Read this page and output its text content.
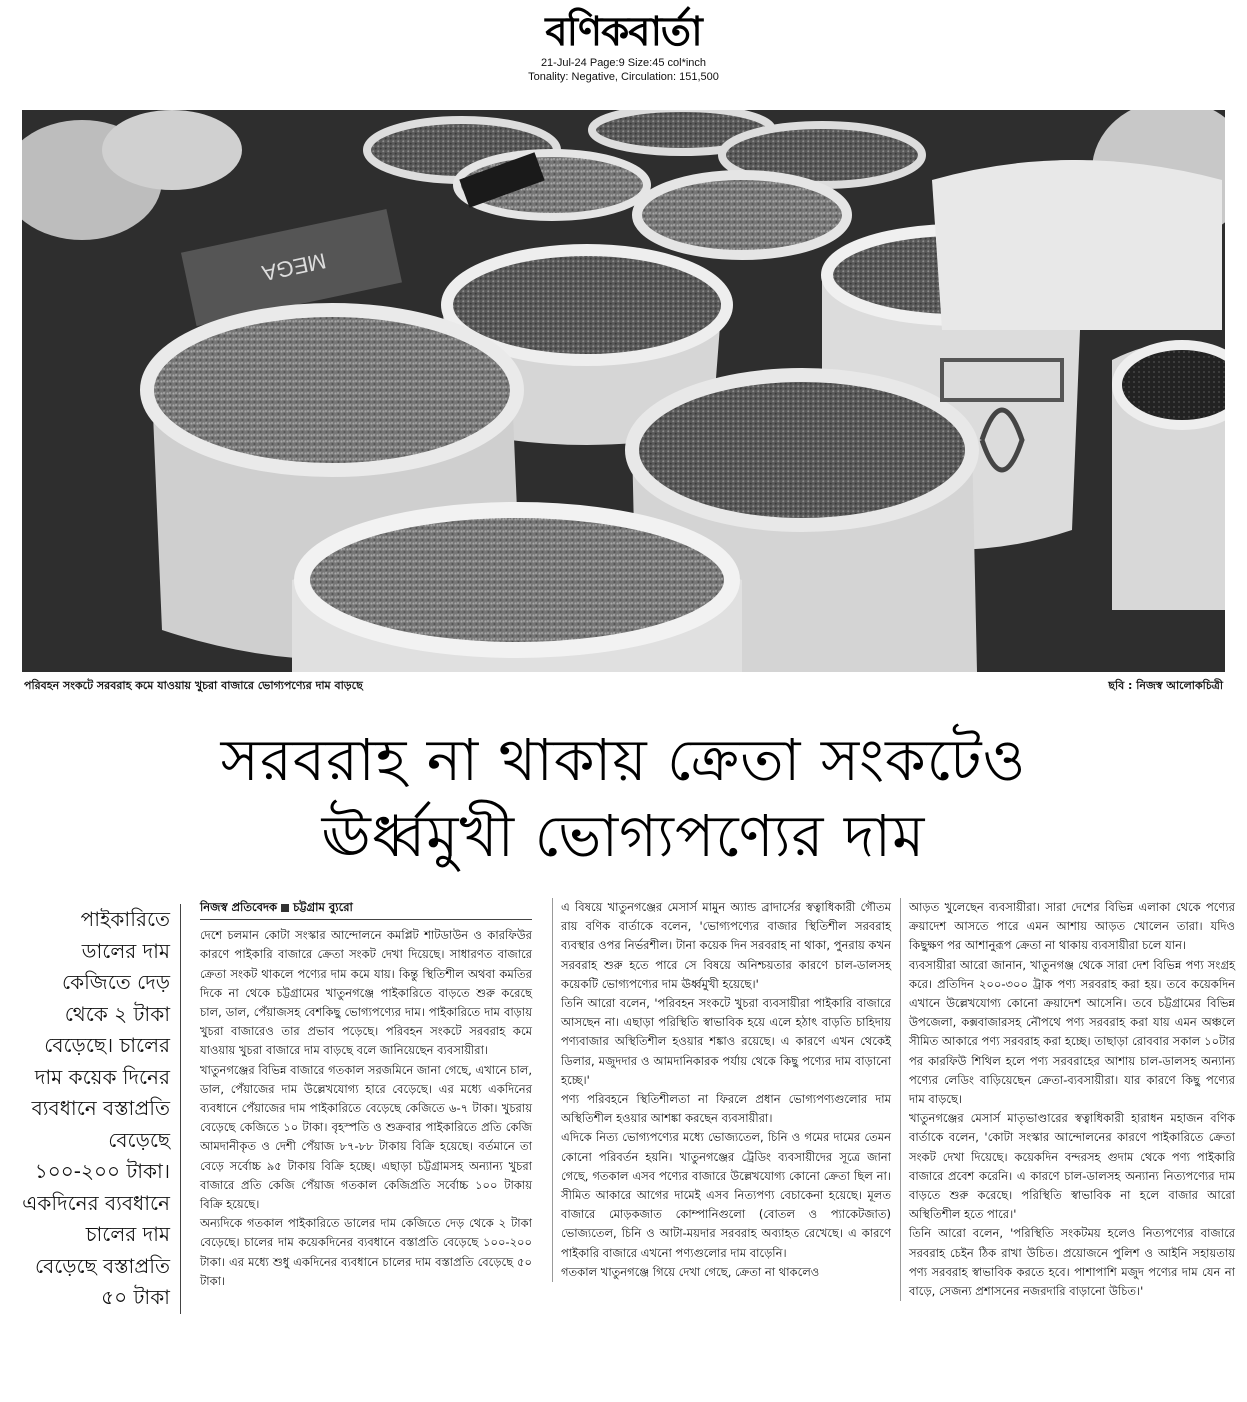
বণিকবার্তা
21-Jul-24 Page:9 Size:45 col*inch
Tonality: Negative, Circulation: 151,500
MEGA
পরিবহন সংকটে সরবরাহ কমে যাওয়ায় খুচরা বাজারে ভোগ্যপণ্যের দাম বাড়ছে	ছবি : নিজস্ব আলোকচিত্রী
সরবরাহ না থাকায় ক্রেতা সংকটেও
ঊর্ধ্বমুখী ভোগ্যপণ্যের দাম
পাইকারিতে ডালের দাম কেজিতে দেড় থেকে ২ টাকা বেড়েছে। চালের দাম কয়েক দিনের ব্যবধানে বস্তাপ্রতি বেড়েছে ১০০-২০০ টাকা। একদিনের ব্যবধানে চালের দাম বেড়েছে বস্তাপ্রতি ৫০ টাকা
নিজস্ব প্রতিবেদক চট্টগ্রাম ব্যুরো

দেশে চলমান কোটা সংস্কার আন্দোলনে কমপ্লিট শাটডাউন ও কারফিউর কারণে পাইকারি বাজারে ক্রেতা সংকট দেখা দিয়েছে। সাধারণত বাজারে ক্রেতা সংকট থাকলে পণ্যের দাম কমে যায়। কিন্তু স্থিতিশীল অথবা কমতির দিকে না থেকে চট্টগ্রামের খাতুনগঞ্জে পাইকারিতে বাড়তে শুরু করেছে চাল, ডাল, পেঁয়াজসহ বেশকিছু ভোগ্যপণ্যের দাম। পাইকারিতে দাম বাড়ায় খুচরা বাজারেও তার প্রভাব পড়েছে। পরিবহন সংকটে সরবরাহ কমে যাওয়ায় খুচরা বাজারে দাম বাড়ছে বলে জানিয়েছেন ব্যবসায়ীরা।

খাতুনগঞ্জের বিভিন্ন বাজারে গতকাল সরজমিনে জানা গেছে, এখানে চাল, ডাল, পেঁয়াজের দাম উল্লেখযোগ্য হারে বেড়েছে। এর মধ্যে একদিনের ব্যবধানে পেঁয়াজের দাম পাইকারিতে বেড়েছে কেজিতে ৬-৭ টাকা। খুচরায় বেড়েছে কেজিতে ১০ টাকা। বৃহস্পতি ও শুক্রবার পাইকারিতে প্রতি কেজি আমদানীকৃত ও দেশী পেঁয়াজ ৮৭-৮৮ টাকায় বিক্রি হয়েছে। বর্তমানে তা বেড়ে সর্বোচ্চ ৯৫ টাকায় বিক্রি হচ্ছে। এছাড়া চট্টগ্রামসহ অন্যান্য খুচরা বাজারে প্রতি কেজি পেঁয়াজ গতকাল কেজিপ্রতি সর্বোচ্চ ১০০ টাকায় বিক্রি হয়েছে।

অন্যদিকে গতকাল পাইকারিতে ডালের দাম কেজিতে দেড় থেকে ২ টাকা বেড়েছে। চালের দাম কয়েকদিনের ব্যবধানে বস্তাপ্রতি বেড়েছে ১০০-২০০ টাকা। এর মধ্যে শুধু একদিনের ব্যবধানে চালের দাম বস্তাপ্রতি বেড়েছে ৫০ টাকা।

এ বিষয়ে খাতুনগঞ্জের মেসার্স মামুন অ্যান্ড ব্রাদার্সের স্বত্বাধিকারী গৌতম রায় বণিক বার্তাকে বলেন, 'ভোগ্যপণ্যের বাজার স্থিতিশীল সরবরাহ ব্যবস্থার ওপর নির্ভরশীল। টানা কয়েক দিন সরবরাহ না থাকা, পুনরায় কখন সরবরাহ শুরু হতে পারে সে বিষয়ে অনিশ্চয়তার কারণে চাল-ডালসহ কয়েকটি ভোগ্যপণ্যের দাম ঊর্ধ্বমুখী হয়েছে।'

তিনি আরো বলেন, 'পরিবহন সংকটে খুচরা ব্যবসায়ীরা পাইকারি বাজারে আসছেন না। এছাড়া পরিস্থিতি স্বাভাবিক হয়ে এলে হঠাৎ বাড়তি চাহিদায় পণ্যবাজার অস্থিতিশীল হওয়ার শঙ্কাও রয়েছে। এ কারণে এখন থেকেই ডিলার, মজুদদার ও আমদানিকারক পর্যায় থেকে কিছু পণ্যের দাম বাড়ানো হচ্ছে।'

পণ্য পরিবহনে স্থিতিশীলতা না ফিরলে প্রধান ভোগ্যপণ্যগুলোর দাম অস্থিতিশীল হওয়ার আশঙ্কা করছেন ব্যবসায়ীরা।

এদিকে নিত্য ভোগ্যপণ্যের মধ্যে ভোজ্যতেল, চিনি ও গমের দামের তেমন কোনো পরিবর্তন হয়নি। খাতুনগঞ্জের ট্রেডিং ব্যবসায়ীদের সূত্রে জানা গেছে, গতকাল এসব পণ্যের বাজারে উল্লেখযোগ্য কোনো ক্রেতা ছিল না। সীমিত আকারে আগের দামেই এসব নিত্যপণ্য বেচাকেনা হয়েছে। মূলত বাজারে মোড়কজাত কোম্পানিগুলো (বোতল ও প্যাকেটজাত) ভোজ্যতেল, চিনি ও আটা-ময়দার সরবরাহ অব্যাহত রেখেছে। এ কারণে পাইকারি বাজারে এখনো পণ্যগুলোর দাম বাড়েনি।

গতকাল খাতুনগঞ্জে গিয়ে দেখা গেছে, ক্রেতা না থাকলেও

আড়ত খুলেছেন ব্যবসায়ীরা। সারা দেশের বিভিন্ন এলাকা থেকে পণ্যের ক্রয়াদেশ আসতে পারে এমন আশায় আড়ত খোলেন তারা। যদিও কিছুক্ষণ পর আশানুরূপ ক্রেতা না থাকায় ব্যবসায়ীরা চলে যান।

ব্যবসায়ীরা আরো জানান, খাতুনগঞ্জ থেকে সারা দেশ বিভিন্ন পণ্য সংগ্রহ করে। প্রতিদিন ২০০-৩০০ ট্রাক পণ্য সরবরাহ করা হয়। তবে কয়েকদিন এখানে উল্লেখযোগ্য কোনো ক্রয়াদেশ আসেনি। তবে চট্টগ্রামের বিভিন্ন উপজেলা, কক্সবাজারসহ নৌপথে পণ্য সরবরাহ করা যায় এমন অঞ্চলে সীমিত আকারে পণ্য সরবরাহ করা হচ্ছে। তাছাড়া রোববার সকাল ১০টার পর কারফিউ শিথিল হলে পণ্য সরবরাহের আশায় চাল-ডালসহ অন্যান্য পণ্যের লেডিং বাড়িয়েছেন ক্রেতা-ব্যবসায়ীরা। যার কারণে কিছু পণ্যের দাম বাড়ছে।

খাতুনগঞ্জের মেসার্স মাতৃভাণ্ডারের স্বত্বাধিকারী হারাধন মহাজন বণিক বার্তাকে বলেন, 'কোটা সংস্কার আন্দোলনের কারণে পাইকারিতে ক্রেতা সংকট দেখা দিয়েছে। কয়েকদিন বন্দরসহ গুদাম থেকে পণ্য পাইকারি বাজারে প্রবেশ করেনি। এ কারণে চাল-ডালসহ অন্যান্য নিত্যপণ্যের দাম বাড়তে শুরু করেছে। পরিস্থিতি স্বাভাবিক না হলে বাজার আরো অস্থিতিশীল হতে পারে।'

তিনি আরো বলেন, 'পরিস্থিতি সংকটময় হলেও নিত্যপণ্যের বাজারে সরবরাহ চেইন ঠিক রাখা উচিত। প্রয়োজনে পুলিশ ও আইনি সহায়তায় পণ্য সরবরাহ স্বাভাবিক করতে হবে। পাশাপাশি মজুদ পণ্যের দাম যেন না বাড়ে, সেজন্য প্রশাসনের নজরদারি বাড়ানো উচিত।'
